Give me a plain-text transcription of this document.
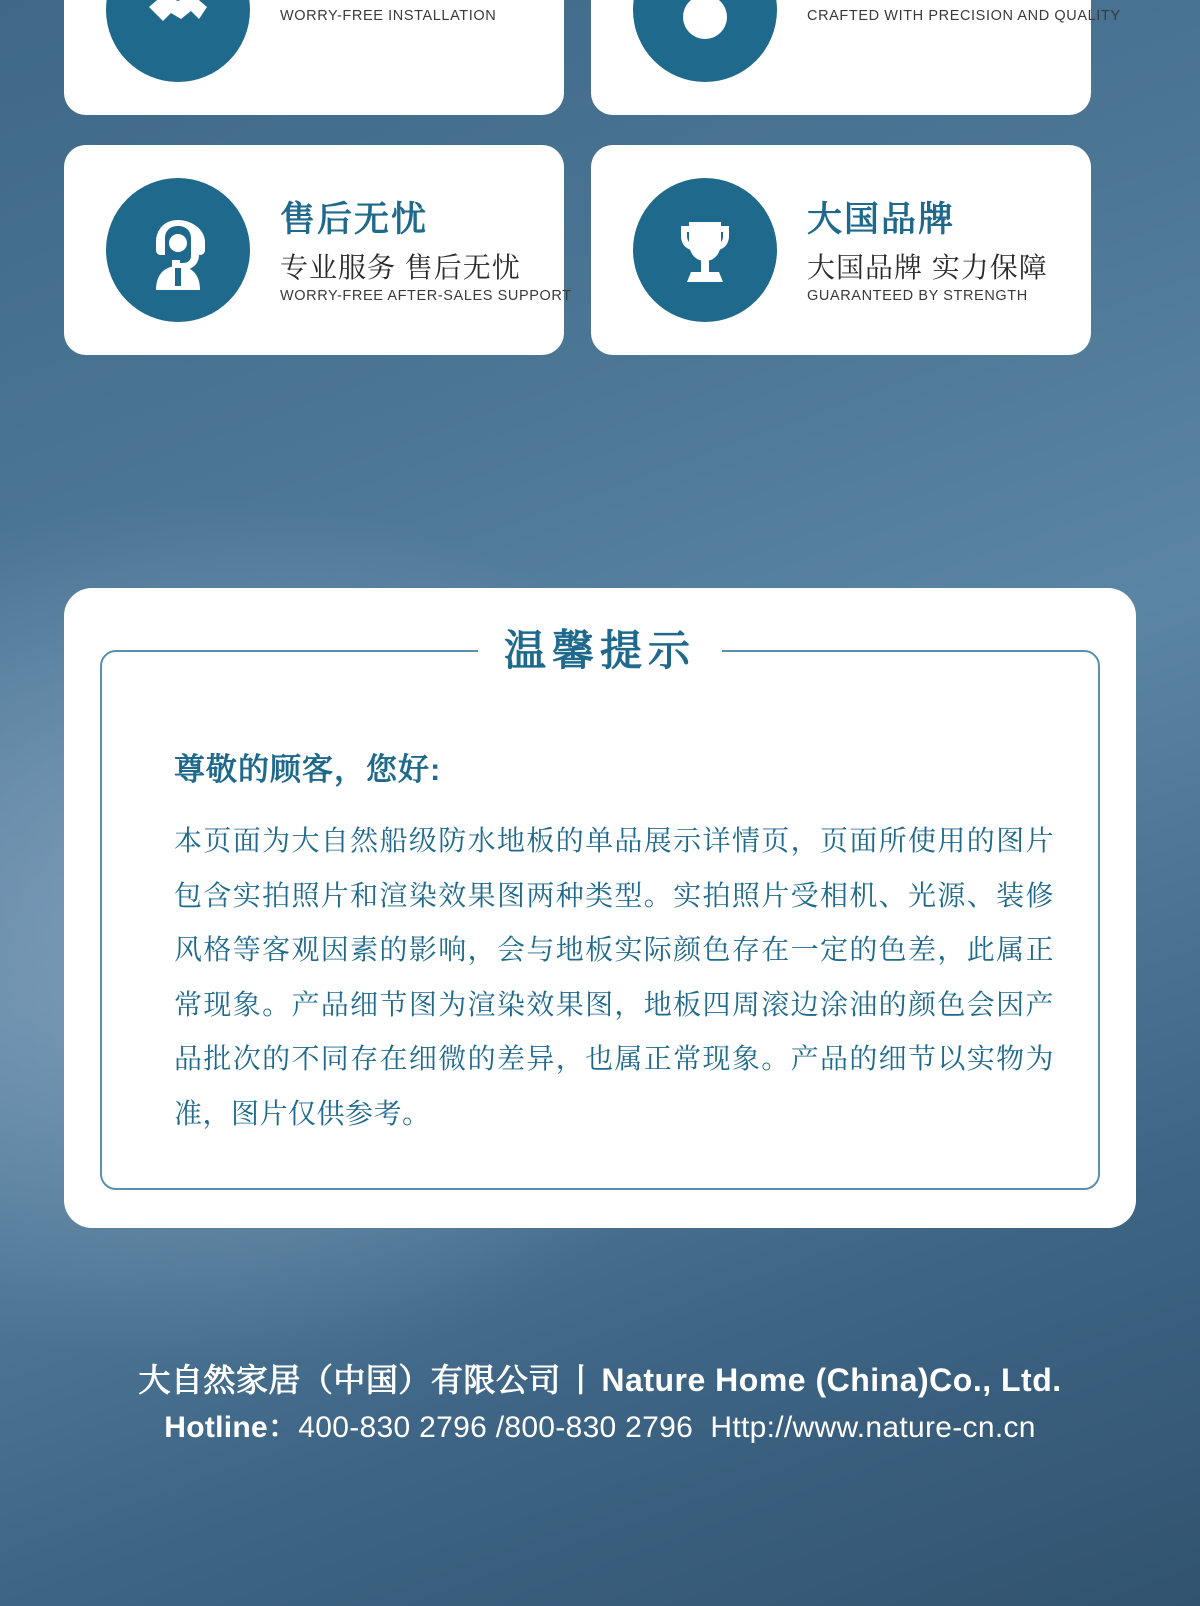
WORRY-FREE INSTALLATION	CRAFTED WITH PRECISION AND QUALITY
售后无忧
专业服务 售后无忧
WORRY-FREE AFTER-SALES SUPPORT
大国品牌
大国品牌 实力保障
GUARANTEED BY STRENGTH
温馨提示
尊敬的顾客，您好:
本页面为大自然船级防水地板的单品展示详情页，页面所使用的图片包含实拍照片和渲染效果图两种类型。实拍照片受相机、光源、装修风格等客观因素的影响，会与地板实际颜色存在一定的色差，此属正常现象。产品细节图为渲染效果图，地板四周滚边涂油的颜色会因产品批次的不同存在细微的差异，也属正常现象。产品的细节以实物为准，图片仅供参考。
大自然家居（中国）有限公司 丨 Nature Home (China)Co., Ltd.
Hotline：400-830 2796 /800-830 2796 Http://www.nature-cn.cn
